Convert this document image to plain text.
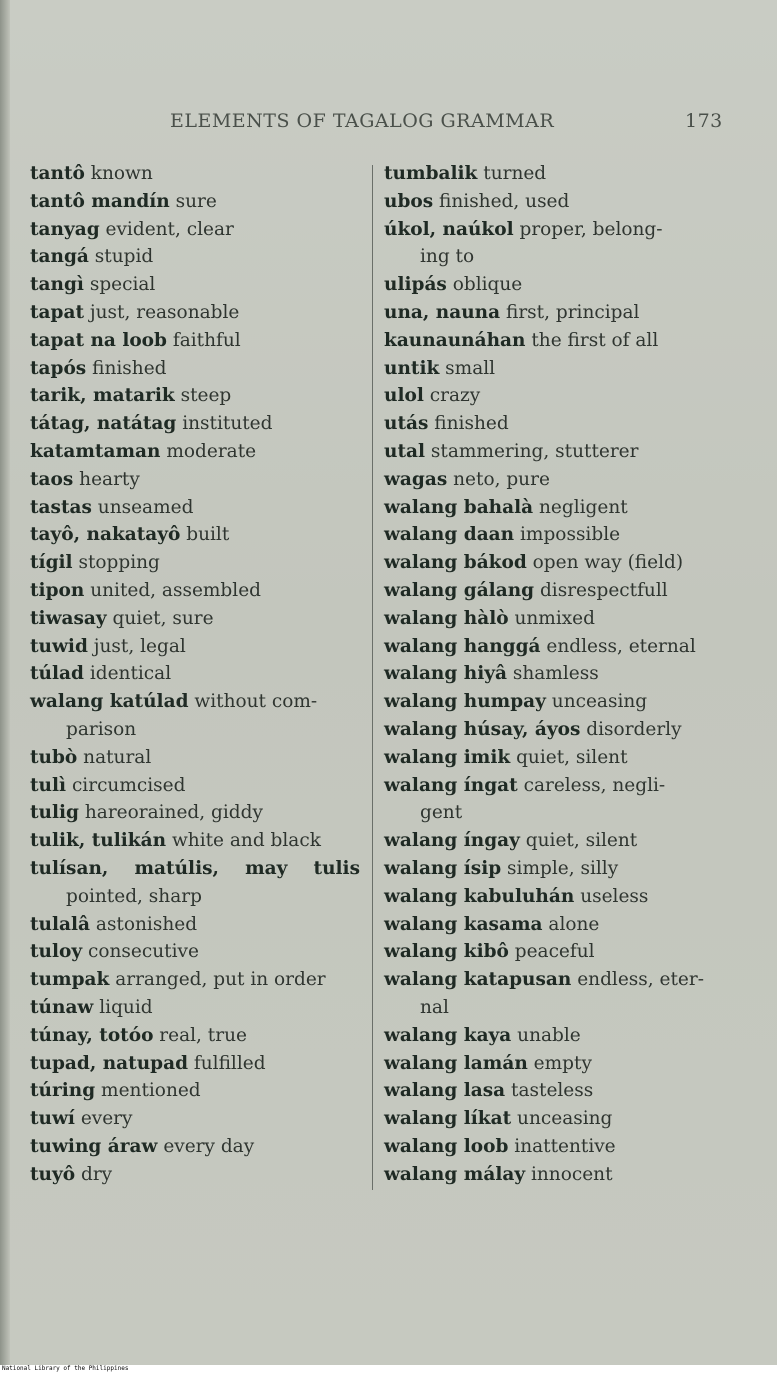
ELEMENTS OF TAGALOG GRAMMAR	173
tantô known
tantô mandín sure
tanyag evident, clear
tangá stupid
tangì special
tapat just, reasonable
tapat na loob faithful
tapós finished
tarik, matarik steep
tátag, natátag instituted
katamtaman moderate
taos hearty
tastas unseamed
tayô, nakatayô built
tígil stopping
tipon united, assembled
tiwasay quiet, sure
tuwid just, legal
túlad identical
walang katúlad without com-
parison
tubò natural
tulì circumcised
tulig hareorained, giddy
tulik, tulikán white and black
tulísan, matúlis, may tulis
pointed, sharp
tulalâ astonished
tuloy consecutive
tumpak arranged, put in order
túnaw liquid
túnay, totóo real, true
tupad, natupad fulfilled
túring mentioned
tuwí every
tuwing áraw every day
tuyô dry
tumbalik turned
ubos finished, used
úkol, naúkol proper, belong-
ing to
ulipás oblique
una, nauna first, principal
kaunaunáhan the first of all
untik small
ulol crazy
utás finished
utal stammering, stutterer
wagas neto, pure
walang bahalà negligent
walang daan impossible
walang bákod open way (field)
walang gálang disrespectfull
walang hàlò unmixed
walang hanggá endless, eternal
walang hiyâ shamless
walang humpay unceasing
walang húsay, áyos disorderly
walang imik quiet, silent
walang íngat careless, negli-
gent
walang íngay quiet, silent
walang ísip simple, silly
walang kabuluhán useless
walang kasama alone
walang kibô peaceful
walang katapusan endless, eter-
nal
walang kaya unable
walang lamán empty
walang lasa tasteless
walang líkat unceasing
walang loob inattentive
walang málay innocent
National Library of the Philippines
